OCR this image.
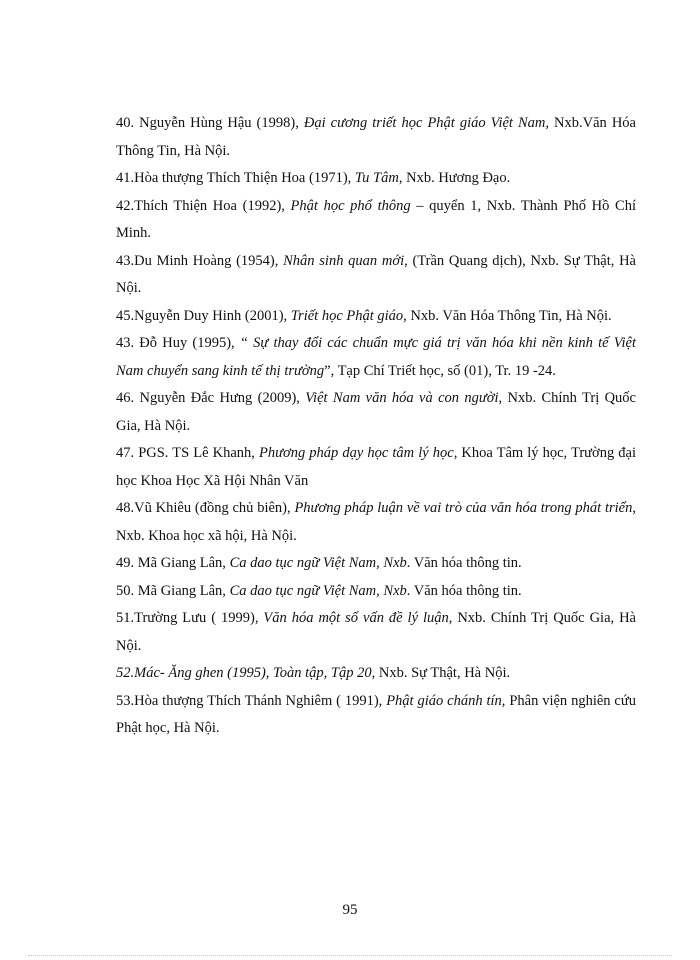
40. Nguyễn Hùng Hậu (1998), Đại cương triết học Phật giáo Việt Nam, Nxb.Văn Hóa Thông Tin, Hà Nội.

41.Hòa thượng Thích Thiện Hoa (1971), Tu Tâm, Nxb. Hương Đạo.

42.Thích Thiện Hoa (1992), Phật học phổ thông – quyển 1, Nxb. Thành Phố Hồ Chí Minh.

43.Du Minh Hoàng (1954), Nhân sinh quan mới, (Trần Quang dịch), Nxb. Sự Thật, Hà Nội.

45.Nguyễn Duy Hinh (2001), Triết học Phật giáo, Nxb. Văn Hóa Thông Tin, Hà Nội.

43. Đỗ Huy (1995), “ Sự thay đổi các chuẩn mực giá trị văn hóa khi nền kinh tế Việt Nam chuyển sang kinh tế thị trường”, Tạp Chí Triết học, số (01), Tr. 19 -24.

46. Nguyễn Đắc Hưng (2009), Việt Nam văn hóa và con người, Nxb. Chính Trị Quốc Gia, Hà Nội.

47. PGS. TS Lê Khanh, Phương pháp dạy học tâm lý học, Khoa Tâm lý học, Trường đại học Khoa Học Xã Hội Nhân Văn

48.Vũ Khiêu (đồng chủ biên), Phương pháp luận về vai trò của văn hóa trong phát triển, Nxb. Khoa học xã hội, Hà Nội.

49. Mã Giang Lân, Ca dao tục ngữ Việt Nam, Nxb. Văn hóa thông tin.

50. Mã Giang Lân, Ca dao tục ngữ Việt Nam, Nxb. Văn hóa thông tin.

51.Trường Lưu ( 1999), Văn hóa một số vấn đề lý luận, Nxb. Chính Trị Quốc Gia, Hà Nội.

52.Mác- Ăng ghen (1995), Toàn tập, Tập 20, Nxb. Sự Thật, Hà Nội.

53.Hòa thượng Thích Thánh Nghiêm ( 1991), Phật giáo chánh tín, Phân viện nghiên cứu Phật học, Hà Nội.

95
